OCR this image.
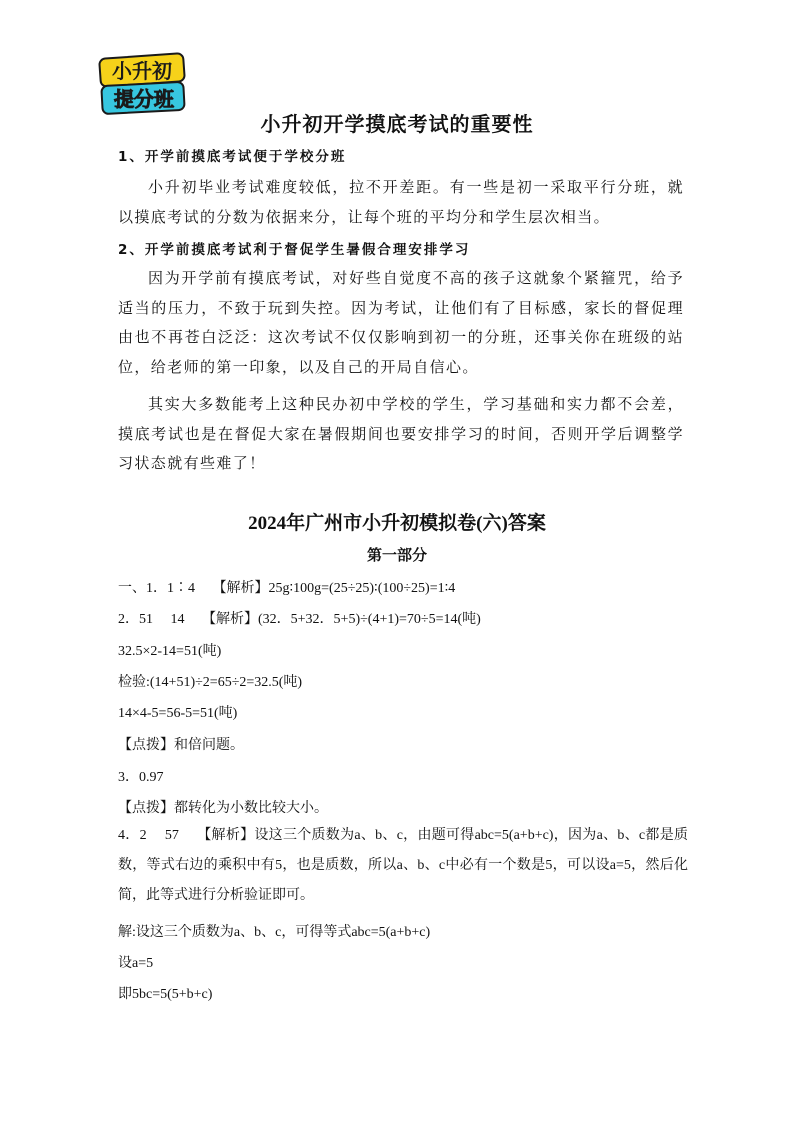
小升初
提分班
小升初开学摸底考试的重要性
1、开学前摸底考试便于学校分班

小升初毕业考试难度较低，拉不开差距。有一些是初一采取平行分班，就以摸底考试的分数为依据来分，让每个班的平均分和学生层次相当。

2、开学前摸底考试利于督促学生暑假合理安排学习

因为开学前有摸底考试，对好些自觉度不高的孩子这就象个紧箍咒，给予适当的压力，不致于玩到失控。因为考试，让他们有了目标感，家长的督促理由也不再苍白泛泛：这次考试不仅仅影响到初一的分班，还事关你在班级的站位，给老师的第一印象，以及自己的开局自信心。

其实大多数能考上这种民办初中学校的学生，学习基础和实力都不会差，摸底考试也是在督促大家在暑假期间也要安排学习的时间，否则开学后调整学习状态就有些难了！

2024年广州市小升初模拟卷(六)答案
第一部分
一、1．1∶4　 【解析】25g∶100g=(25÷25)∶(100÷25)=1∶4
2．51　 14　 【解析】(32．5+32．5+5)÷(4+1)=70÷5=14(吨)
32.5×2-14=51(吨)
检验:(14+51)÷2=65÷2=32.5(吨)
14×4-5=56-5=51(吨)
【点拨】和倍问题。
3．0.97
【点拨】都转化为小数比较大小。

4．2　 57　 【解析】设这三个质数为a、b、c，由题可得abc=5(a+b+c)，因为a、b、c都是质数，等式右边的乘积中有5，也是质数，所以a、b、c中必有一个数是5，可以设a=5，然后化简，此等式进行分析验证即可。

解:设这三个质数为a、b、c，可得等式abc=5(a+b+c)
设a=5
即5bc=5(5+b+c)
